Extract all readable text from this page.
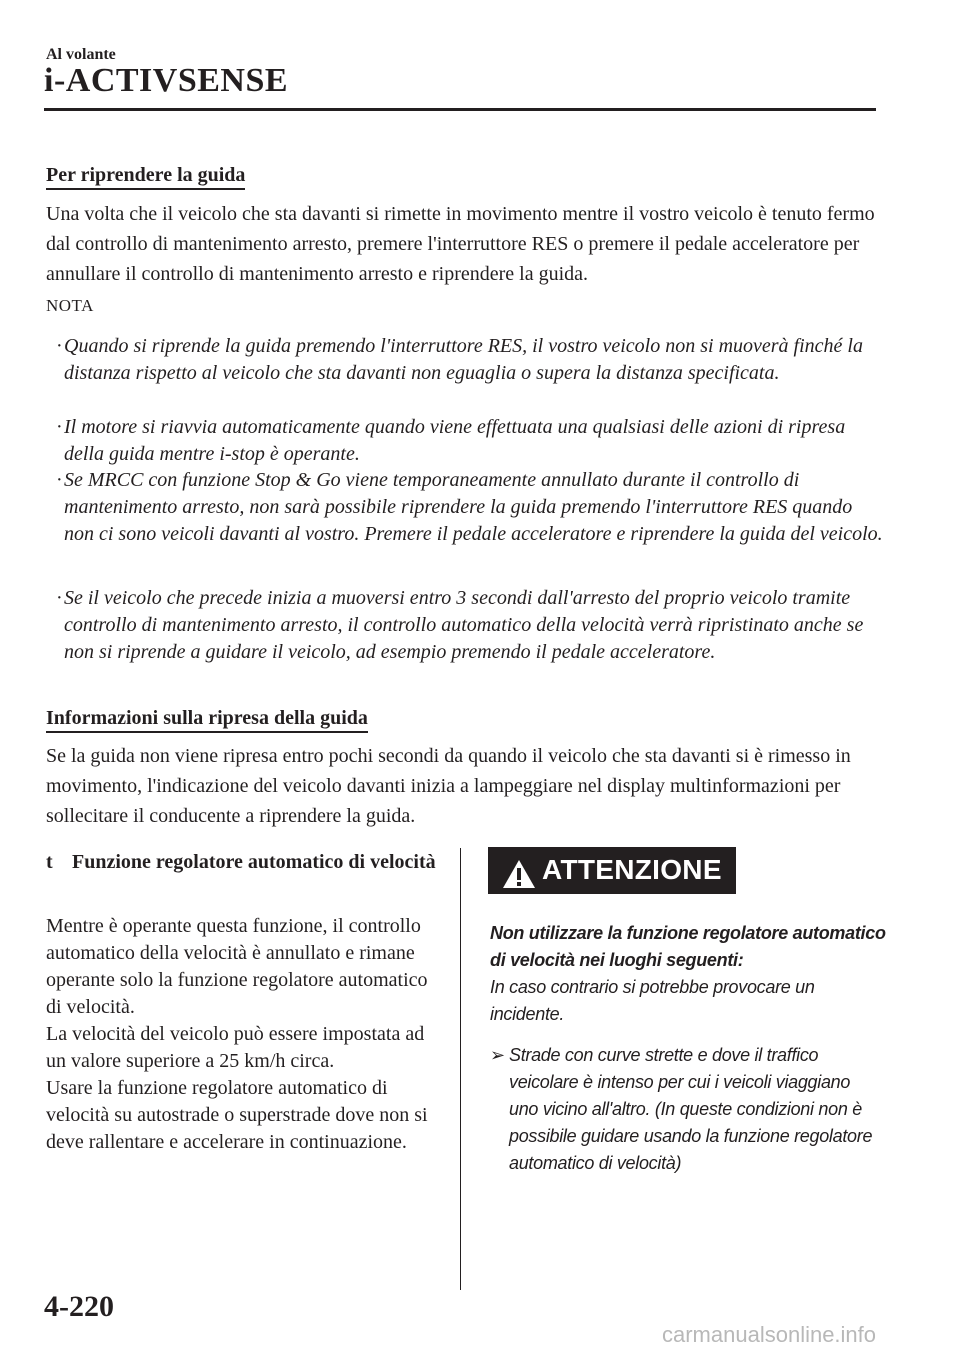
Al volante
i-ACTIVSENSE
Per riprendere la guida
Una volta che il veicolo che sta davanti si rimette in movimento mentre il vostro veicolo è tenuto fermo dal controllo di mantenimento arresto, premere l'interruttore RES o premere il pedale acceleratore per annullare il controllo di mantenimento arresto e riprendere la guida.
NOTA
· Quando si riprende la guida premendo l'interruttore RES, il vostro veicolo non si muoverà finché la distanza rispetto al veicolo che sta davanti non eguaglia o supera la distanza specificata.
· Il motore si riavvia automaticamente quando viene effettuata una qualsiasi delle azioni di ripresa della guida mentre i-stop è operante.
· Se MRCC con funzione Stop & Go viene temporaneamente annullato durante il controllo di mantenimento arresto, non sarà possibile riprendere la guida premendo l'interruttore RES quando non ci sono veicoli davanti al vostro. Premere il pedale acceleratore e riprendere la guida del veicolo.
· Se il veicolo che precede inizia a muoversi entro 3 secondi dall'arresto del proprio veicolo tramite controllo di mantenimento arresto, il controllo automatico della velocità verrà ripristinato anche se non si riprende a guidare il veicolo, ad esempio premendo il pedale acceleratore.
Informazioni sulla ripresa della guida
Se la guida non viene ripresa entro pochi secondi da quando il veicolo che sta davanti si è rimesso in movimento, l'indicazione del veicolo davanti inizia a lampeggiare nel display multinformazioni per sollecitare il conducente a riprendere la guida.
t Funzione regolatore automatico di velocità

Mentre è operante questa funzione, il controllo automatico della velocità è annullato e rimane operante solo la funzione regolatore automatico di velocità.

La velocità del veicolo può essere impostata ad un valore superiore a 25 km/h circa.

Usare la funzione regolatore automatico di velocità su autostrade o superstrade dove non si deve rallentare e accelerare in continuazione.

ATTENZIONE
Non utilizzare la funzione regolatore automatico di velocità nei luoghi seguenti:
In caso contrario si potrebbe provocare un incidente.
➢ Strade con curve strette e dove il traffico veicolare è intenso per cui i veicoli viaggiano uno vicino all'altro. (In queste condizioni non è possibile guidare usando la funzione regolatore automatico di velocità)
4-220
carmanualsonline.info
